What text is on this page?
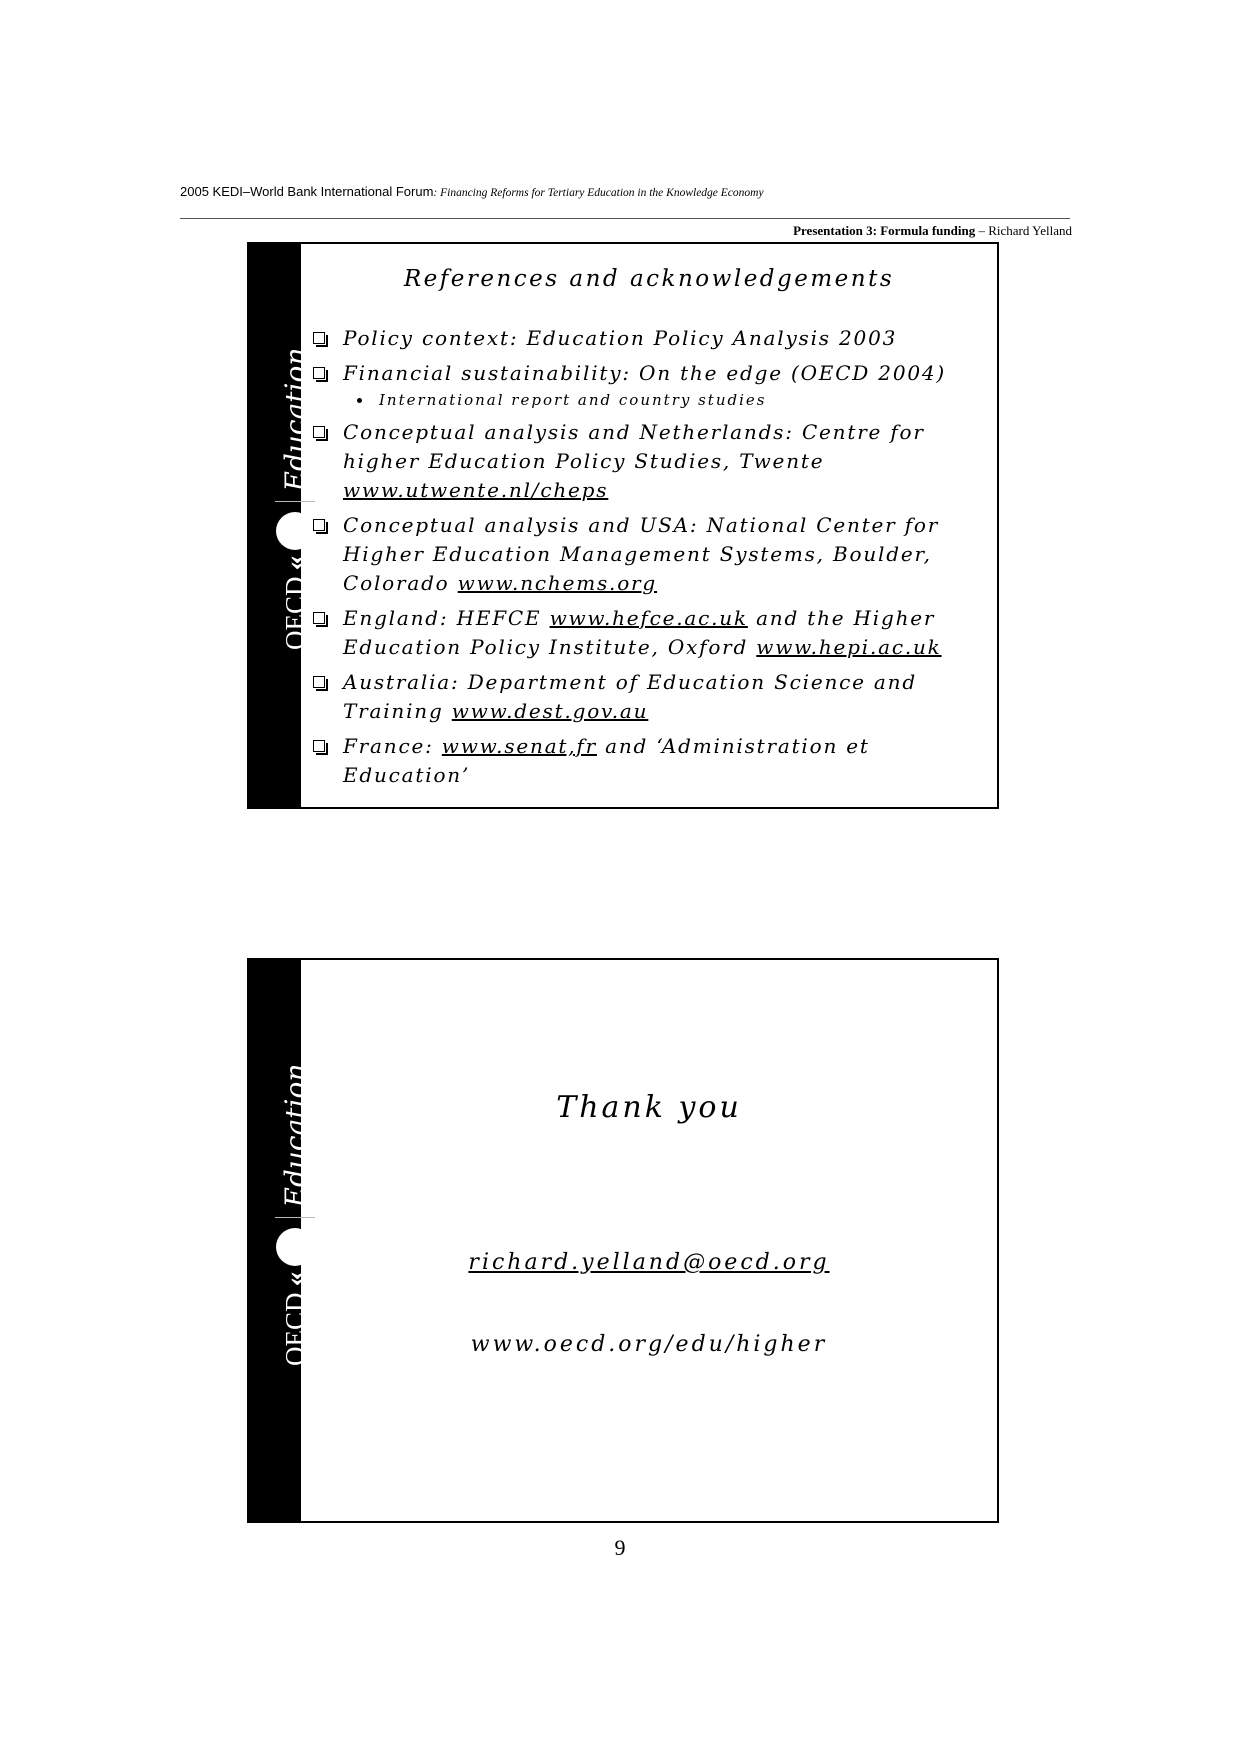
2005 KEDI–World Bank International Forum: Financing Reforms for Tertiary Education in the Knowledge Economy
Presentation 3: Formula funding – Richard Yelland
OECD
«
Education
References and acknowledgements
Policy context: Education Policy Analysis 2003
Financial sustainability: On the edge (OECD 2004)
International report and country studies
Conceptual analysis and Netherlands: Centre for higher Education Policy Studies, Twente www.utwente.nl/cheps
Conceptual analysis and USA: National Center for Higher Education Management Systems, Boulder, Colorado www.nchems.org
England: HEFCE www.hefce.ac.uk and the Higher Education Policy Institute, Oxford www.hepi.ac.uk
Australia: Department of Education Science and Training www.dest.gov.au
France: www.senat,fr and ‘Administration et Education’
OECD
«
Education	Thank you
richard.yelland@oecd.org
www.oecd.org/edu/higher
9
